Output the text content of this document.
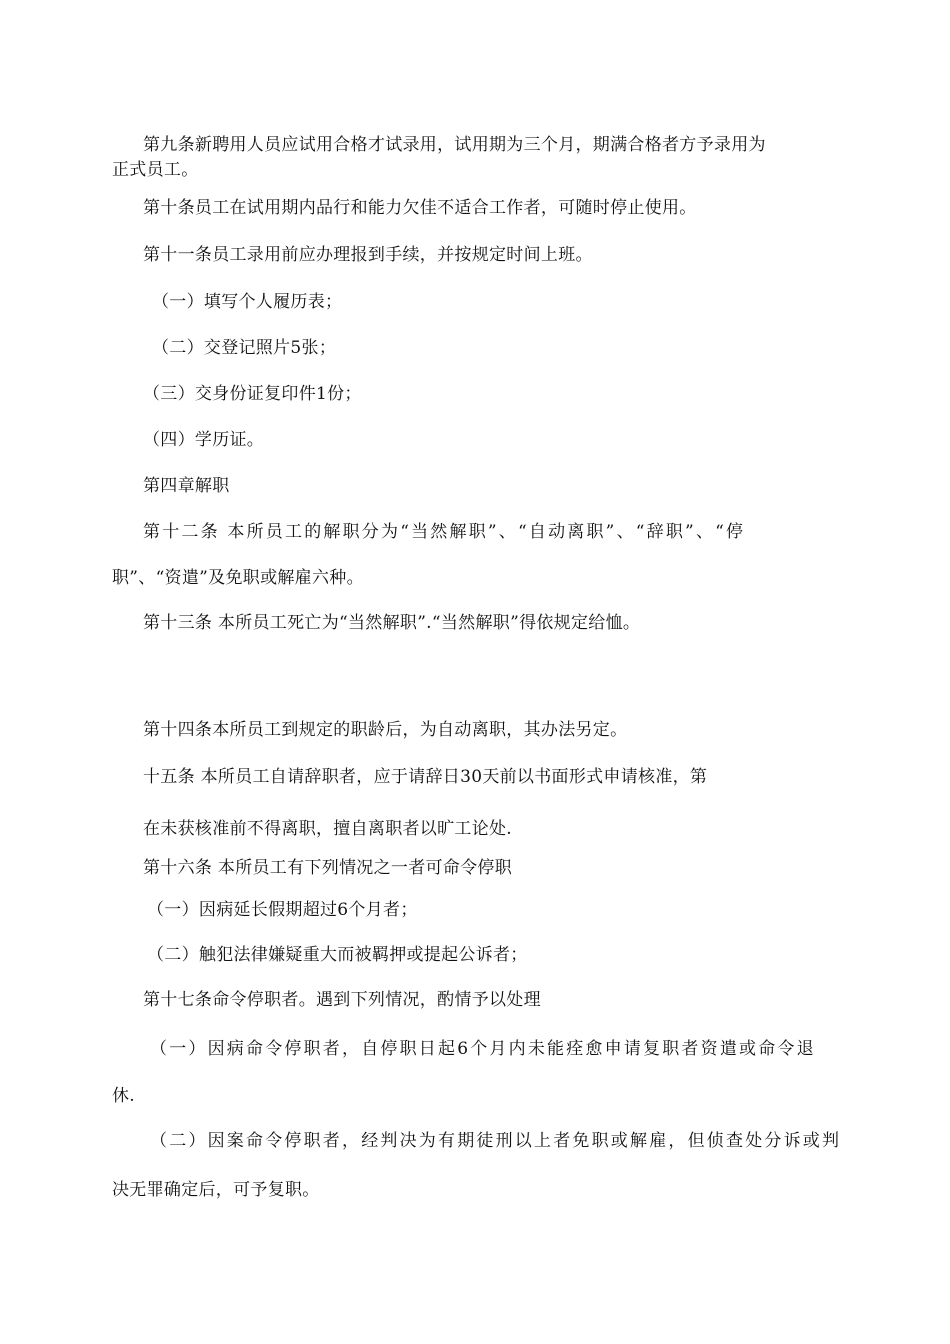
第九条新聘用人员应试用合格才试录用，试用期为三个月，期满合格者方予录用为
正式员工。
第十条员工在试用期内品行和能力欠佳不适合工作者，可随时停止使用。
第十一条员工录用前应办理报到手续，并按规定时间上班。
（一）填写个人履历表；
（二）交登记照片5张；
（三）交身份证复印件1份；
（四）学历证。
第四章解职
第十二条 本所员工的解职分为“当然解职”、“自动离职”、“辞职”、“停
职”、“资遣”及免职或解雇六种。
第十三条 本所员工死亡为“当然解职”.“当然解职”得依规定给恤。
第十四条本所员工到规定的职龄后，为自动离职，其办法另定。
十五条 本所员工自请辞职者，应于请辞日30天前以书面形式申请核准，第
在未获核准前不得离职，擅自离职者以旷工论处.
第十六条 本所员工有下列情况之一者可命令停职
（一）因病延长假期超过6个月者；
（二）触犯法律嫌疑重大而被羁押或提起公诉者；
第十七条命令停职者。遇到下列情况，酌情予以处理
（一）因病命令停职者，自停职日起6个月内未能痊愈申请复职者资遣或命令退
休.
（二）因案命令停职者，经判决为有期徒刑以上者免职或解雇，但侦查处分诉或判
决无罪确定后，可予复职。
